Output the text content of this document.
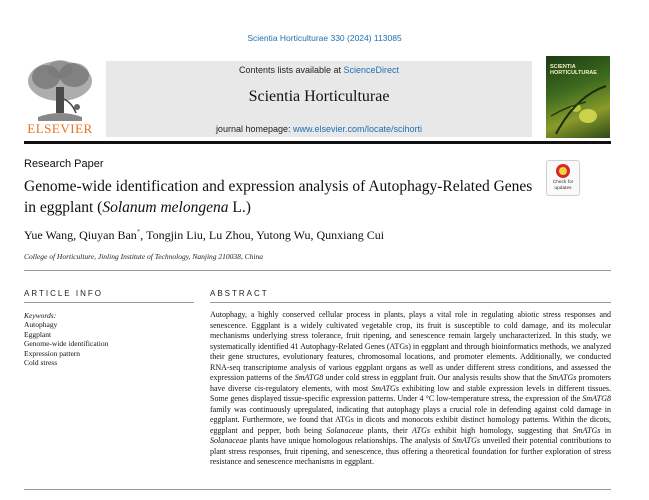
Scientia Horticulturae 330 (2024) 113085
ELSEVIER
Contents lists available at ScienceDirect
Scientia Horticulturae
journal homepage: www.elsevier.com/locate/scihorti
SCIENTIA HORTICULTURAE
Research Paper
Genome-wide identification and expression analysis of Autophagy-Related Genes in eggplant (Solanum melongena L.)
Check for updates
Yue Wang, Qiuyan Ban*, Tongjin Liu, Lu Zhou, Yutong Wu, Qunxiang Cui
College of Horticulture, Jinling Institute of Technology, Nanjing 210038, China
ARTICLE INFO
Keywords:
Autophagy
Eggplant
Genome-wide identification
Expression pattern
Cold stress
ABSTRACT
Autophagy, a highly conserved cellular process in plants, plays a vital role in regulating abiotic stress responses and senescence. Eggplant is a widely cultivated vegetable crop, its fruit is susceptible to cold damage, and its molecular mechanisms underlying stress tolerance, fruit ripening, and senescence remain largely uncharacterized. In this study, we systematically identified 41 Autophagy-Related Genes (ATGs) in eggplant and through bioinformatics methods, we analyzed their gene structures, evolutionary features, chromosomal locations, and promoter elements. Additionally, we conducted RNA-seq transcriptome analysis of various eggplant organs as well as under different stress conditions, and assessed the expression patterns of the SmATG8 under cold stress in eggplant fruit. Our analysis results show that the SmATGs promoters have diverse cis-regulatory elements, with most SmATGs exhibiting low and stable expression levels in different tissues. Some genes displayed tissue-specific expression patterns. Under 4 °C low-temperature stress, the expression of the SmATG8 family was continuously upregulated, indicating that autophagy plays a crucial role in defending against cold damage in eggplant. Furthermore, we found that ATGs in dicots and monocots exhibit distinct homology patterns. Within the dicots, eggplant and pepper, both being Solanaceae plants, their ATGs exhibit high homology, suggesting that SmATGs in Solanaceae plants have unique homologous relationships. The analysis of SmATGs unveiled their potential contributions to plant stress responses, fruit ripening, and senescence, thus offering a theoretical foundation for further exploration of stress resistance and senescence mechanisms in eggplant.
